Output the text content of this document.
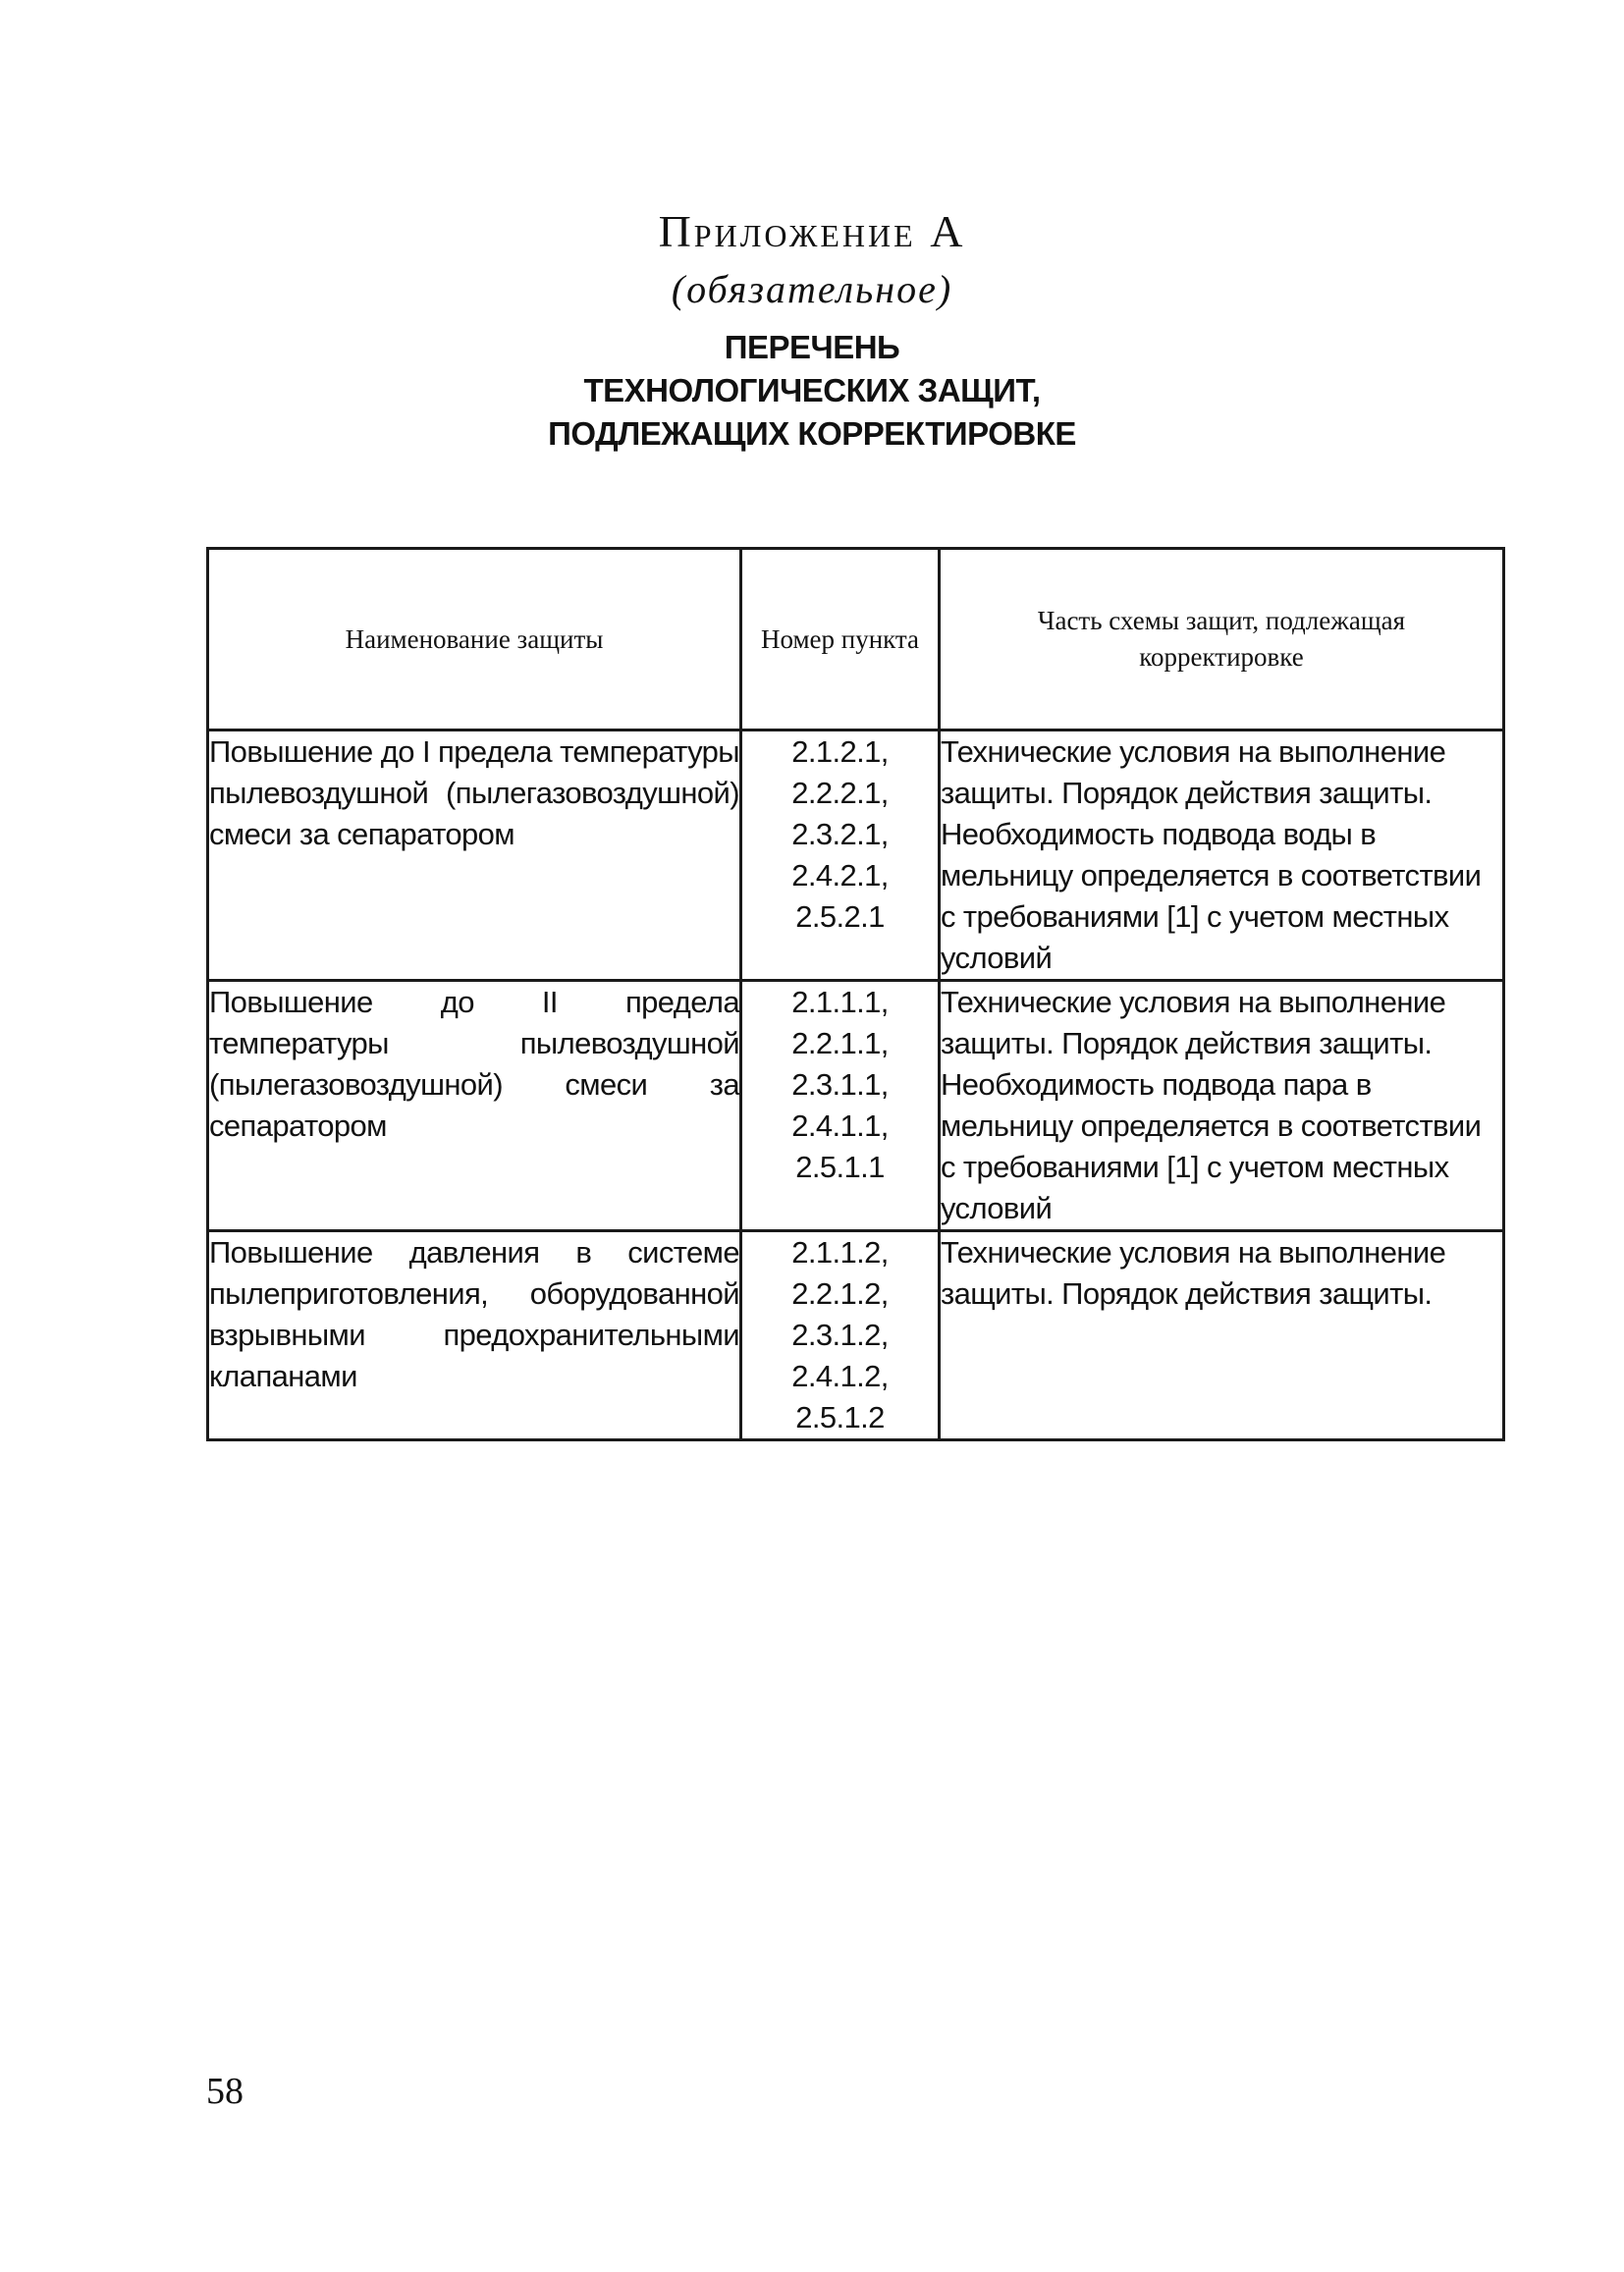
Приложение А
(обязательное)
ПЕРЕЧЕНЬ
ТЕХНОЛОГИЧЕСКИХ ЗАЩИТ,
ПОДЛЕЖАЩИХ КОРРЕКТИРОВКЕ
Наименование защиты	Номер пункта	Часть схемы защит, подлежащая корректировке
Повышение до I предела температуры пылевоздушной (пылегазовоздушной) смеси за сепаратором	2.1.2.1,
2.2.2.1,
2.3.2.1,
2.4.2.1,
2.5.2.1	Технические условия на выполнение защиты. Порядок действия защиты. Необходимость подвода воды в мельницу определяется в соответствии с требованиями [1] с учетом местных условий
Повышение до II предела температуры пылевоздушной (пылегазовоздушной) смеси за сепаратором	2.1.1.1,
2.2.1.1,
2.3.1.1,
2.4.1.1,
2.5.1.1	Технические условия на выполнение защиты. Порядок действия защиты. Необходимость подвода пара в мельницу определяется в соответствии с требованиями [1] с учетом местных условий
Повышение давления в системе пылеприготовления, оборудованной взрывными предохранительными клапанами	2.1.1.2,
2.2.1.2,
2.3.1.2,
2.4.1.2,
2.5.1.2	Технические условия на выполнение защиты. Порядок действия защиты.
58
